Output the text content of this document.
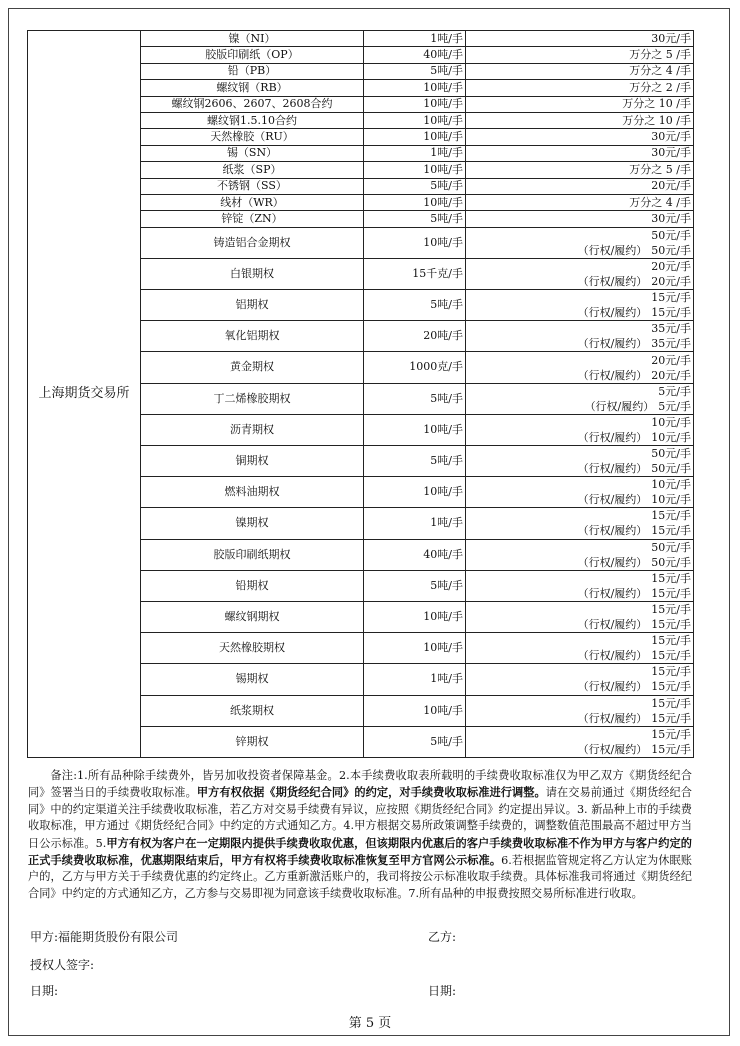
上海期货交易所	镍（NI）	1吨/手	30元/手
	胶版印刷纸（OP）	40吨/手	万分之 5 /手
	铅（PB）	5吨/手	万分之 4 /手
	螺纹钢（RB）	10吨/手	万分之 2 /手
	螺纹钢2606、2607、2608合约	10吨/手	万分之 10 /手
	螺纹钢1.5.10合约	10吨/手	万分之 10 /手
	天然橡胶（RU）	10吨/手	30元/手
	锡（SN）	1吨/手	30元/手
	纸浆（SP）	10吨/手	万分之 5 /手
	不锈钢（SS）	5吨/手	20元/手
	线材（WR）	10吨/手	万分之 4 /手
	锌锭（ZN）	5吨/手	30元/手
	铸造铝合金期权	10吨/手	50元/手
（行权/履约） 50元/手

	白银期权	15千克/手	20元/手
（行权/履约） 20元/手

	铝期权	5吨/手	15元/手
（行权/履约） 15元/手

	氧化铝期权	20吨/手	35元/手
（行权/履约） 35元/手

	黄金期权	1000克/手	20元/手
（行权/履约） 20元/手

	丁二烯橡胶期权	5吨/手	5元/手
（行权/履约） 5元/手

	沥青期权	10吨/手	10元/手
（行权/履约） 10元/手

	铜期权	5吨/手	50元/手
（行权/履约） 50元/手

	燃料油期权	10吨/手	10元/手
（行权/履约） 10元/手

	镍期权	1吨/手	15元/手
（行权/履约） 15元/手

	胶版印刷纸期权	40吨/手	50元/手
（行权/履约） 50元/手

	铅期权	5吨/手	15元/手
（行权/履约） 15元/手

	螺纹钢期权	10吨/手	15元/手
（行权/履约） 15元/手

	天然橡胶期权	10吨/手	15元/手
（行权/履约） 15元/手

	锡期权	1吨/手	15元/手
（行权/履约） 15元/手

	纸浆期权	10吨/手	15元/手
（行权/履约） 15元/手

	锌期权	5吨/手	15元/手
（行权/履约） 15元/手
备注:1.所有品种除手续费外，皆另加收投资者保障基金。2.本手续费收取表所载明的手续费收取标准仅为甲乙双方《期货经纪合同》签署当日的手续费收取标准。甲方有权依据《期货经纪合同》的约定，对手续费收取标准进行调整。请在交易前通过《期货经纪合同》中的约定渠道关注手续费收取标准，若乙方对交易手续费有异议，应按照《期货经纪合同》约定提出异议。3. 新品种上市的手续费收取标准，甲方通过《期货经纪合同》中约定的方式通知乙方。4.甲方根据交易所政策调整手续费的，调整数值范围最高不超过甲方当日公示标准。5.甲方有权为客户在一定期限内提供手续费收取优惠，但该期限内优惠后的客户手续费收取标准不作为甲方与客户约定的正式手续费收取标准，优惠期限结束后，甲方有权将手续费收取标准恢复至甲方官网公示标准。6.若根据监管规定将乙方认定为休眠账户的，乙方与甲方关于手续费优惠的约定终止。乙方重新激活账户的，我司将按公示标准收取手续费。具体标准我司将通过《期货经纪合同》中约定的方式通知乙方，乙方参与交易即视为同意该手续费收取标准。7.所有品种的申报费按照交易所标准进行收取。
甲方:福能期货股份有限公司	乙方:
授权人签字:
日期:	日期:
第 5 页
